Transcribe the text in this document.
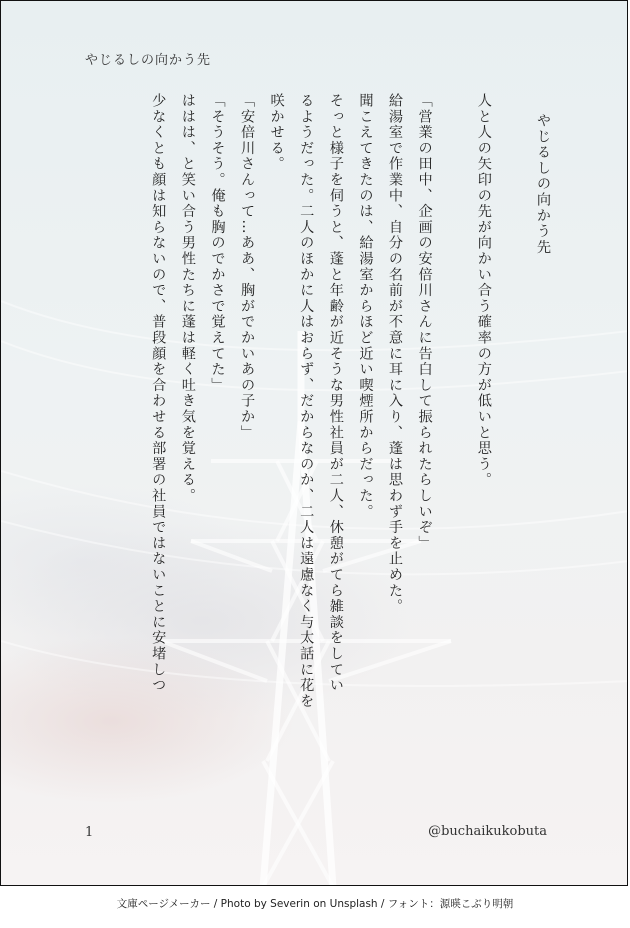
やじるしの向かう先
やじるしの向かう先

人と人の矢印の先が向かい合う確率の方が低いと思う。

「営業の田中、企画の安倍川さんに告白して振られたらしいぞ」
給湯室で作業中、自分の名前が不意に耳に入り、蓬は思わず手を止めた。
聞こえてきたのは、給湯室からほど近い喫煙所からだった。
そっと様子を伺うと、蓬と年齢が近そうな男性社員が二人、休憩がてら雑談をしてい
るようだった。二人のほかに人はおらず、だからなのか、二人は遠慮なく与太話に花を
咲かせる。
「安倍川さんって…ああ、胸がでかいあの子か」
「そうそう。俺も胸のでかさで覚えてた」
ははは、と笑い合う男性たちに蓬は軽く吐き気を覚える。
少なくとも顔は知らないので、普段顔を合わせる部署の社員ではないことに安堵しつ
1	@buchaikukobuta
文庫ページメーカー / Photo by Severin on Unsplash / フォント：源暎こぶり明朝
